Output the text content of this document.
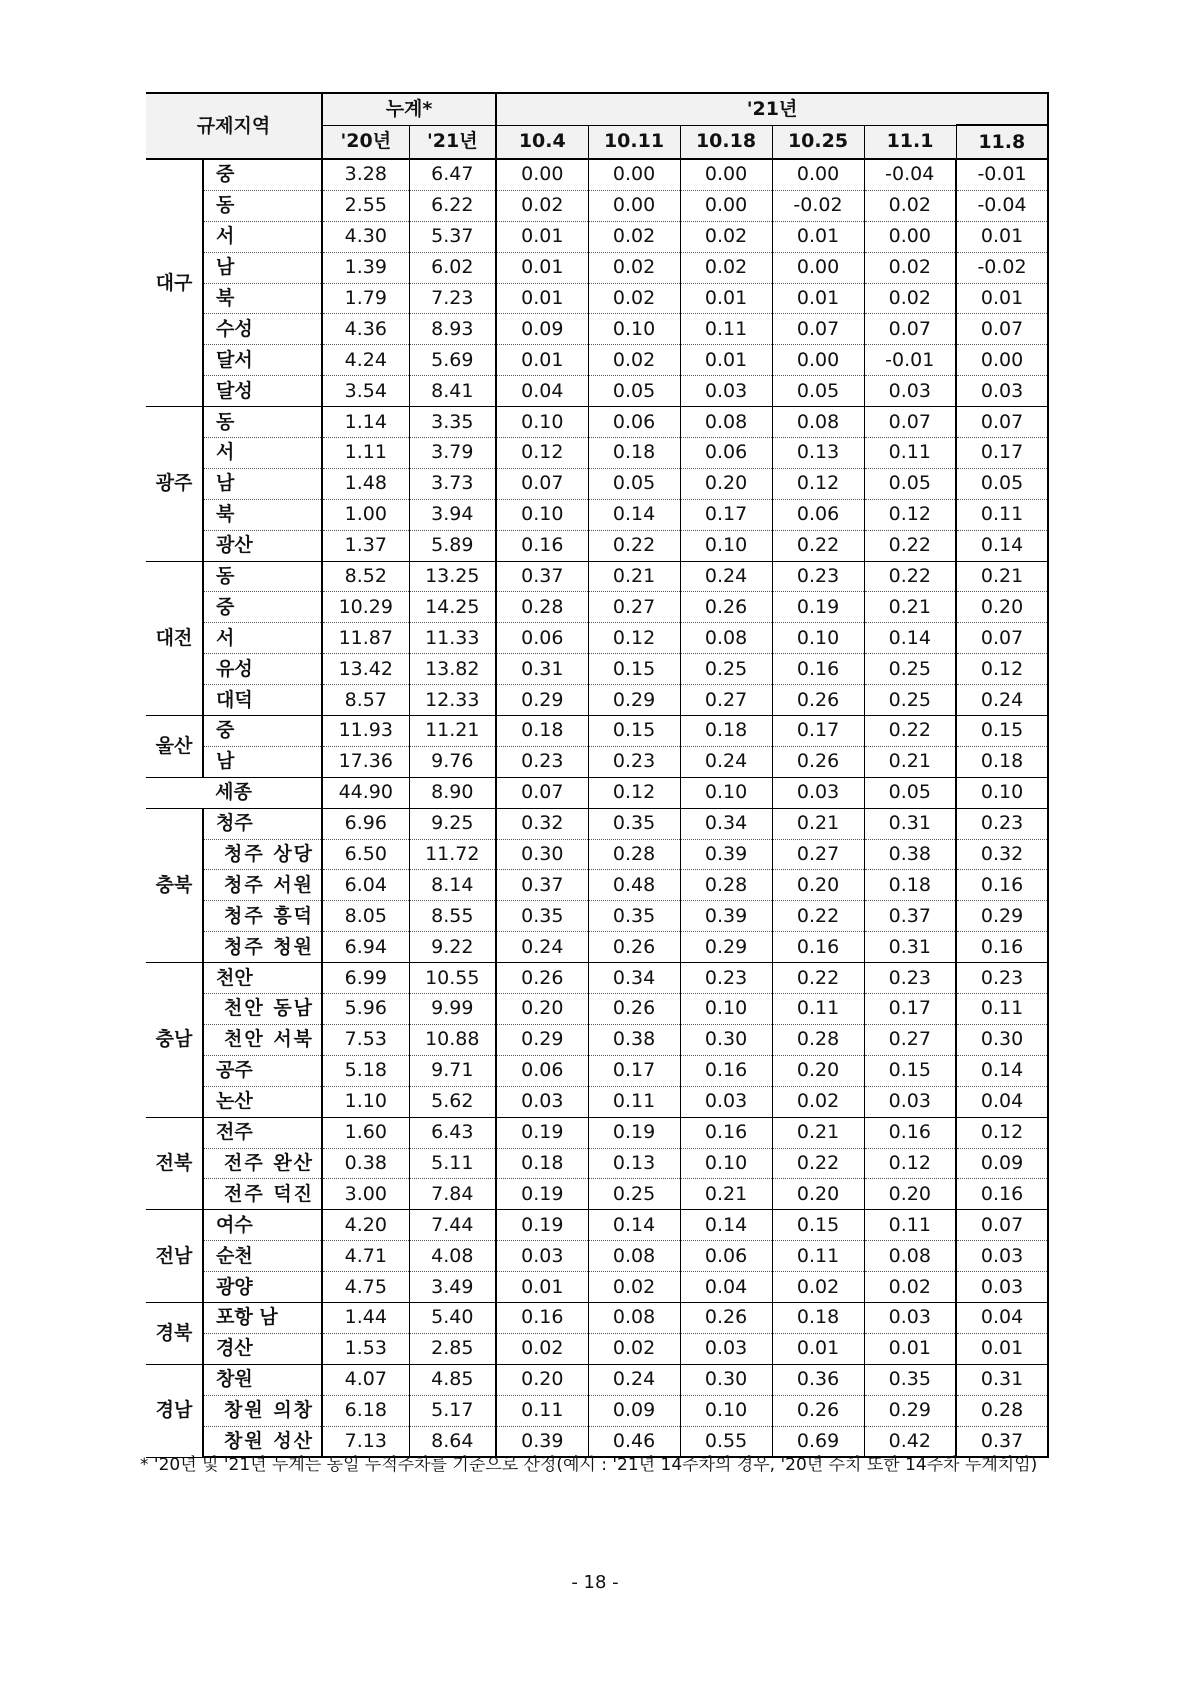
규제지역		누계*		'21년					
		'20년	'21년	10.4	10.11	10.18	10.25	11.1	11.8
대구	중	3.28	6.47	0.00	0.00	0.00	0.00	-0.04	-0.01
	동	2.55	6.22	0.02	0.00	0.00	-0.02	0.02	-0.04
	서	4.30	5.37	0.01	0.02	0.02	0.01	0.00	0.01
	남	1.39	6.02	0.01	0.02	0.02	0.00	0.02	-0.02
	북	1.79	7.23	0.01	0.02	0.01	0.01	0.02	0.01
	수성	4.36	8.93	0.09	0.10	0.11	0.07	0.07	0.07
	달서	4.24	5.69	0.01	0.02	0.01	0.00	-0.01	0.00
	달성	3.54	8.41	0.04	0.05	0.03	0.05	0.03	0.03
광주	동	1.14	3.35	0.10	0.06	0.08	0.08	0.07	0.07
	서	1.11	3.79	0.12	0.18	0.06	0.13	0.11	0.17
	남	1.48	3.73	0.07	0.05	0.20	0.12	0.05	0.05
	북	1.00	3.94	0.10	0.14	0.17	0.06	0.12	0.11
	광산	1.37	5.89	0.16	0.22	0.10	0.22	0.22	0.14
대전	동	8.52	13.25	0.37	0.21	0.24	0.23	0.22	0.21
	중	10.29	14.25	0.28	0.27	0.26	0.19	0.21	0.20
	서	11.87	11.33	0.06	0.12	0.08	0.10	0.14	0.07
	유성	13.42	13.82	0.31	0.15	0.25	0.16	0.25	0.12
	대덕	8.57	12.33	0.29	0.29	0.27	0.26	0.25	0.24
울산	중	11.93	11.21	0.18	0.15	0.18	0.17	0.22	0.15
	남	17.36	9.76	0.23	0.23	0.24	0.26	0.21	0.18
세종		44.90	8.90	0.07	0.12	0.10	0.03	0.05	0.10
충북	청주	6.96	9.25	0.32	0.35	0.34	0.21	0.31	0.23
	청주 상당	6.50	11.72	0.30	0.28	0.39	0.27	0.38	0.32
	청주 서원	6.04	8.14	0.37	0.48	0.28	0.20	0.18	0.16
	청주 흥덕	8.05	8.55	0.35	0.35	0.39	0.22	0.37	0.29
	청주 청원	6.94	9.22	0.24	0.26	0.29	0.16	0.31	0.16
충남	천안	6.99	10.55	0.26	0.34	0.23	0.22	0.23	0.23
	천안 동남	5.96	9.99	0.20	0.26	0.10	0.11	0.17	0.11
	천안 서북	7.53	10.88	0.29	0.38	0.30	0.28	0.27	0.30
	공주	5.18	9.71	0.06	0.17	0.16	0.20	0.15	0.14
	논산	1.10	5.62	0.03	0.11	0.03	0.02	0.03	0.04
전북	전주	1.60	6.43	0.19	0.19	0.16	0.21	0.16	0.12
	전주 완산	0.38	5.11	0.18	0.13	0.10	0.22	0.12	0.09
	전주 덕진	3.00	7.84	0.19	0.25	0.21	0.20	0.20	0.16
전남	여수	4.20	7.44	0.19	0.14	0.14	0.15	0.11	0.07
	순천	4.71	4.08	0.03	0.08	0.06	0.11	0.08	0.03
	광양	4.75	3.49	0.01	0.02	0.04	0.02	0.02	0.03
경북	포항 남	1.44	5.40	0.16	0.08	0.26	0.18	0.03	0.04
	경산	1.53	2.85	0.02	0.02	0.03	0.01	0.01	0.01
경남	창원	4.07	4.85	0.20	0.24	0.30	0.36	0.35	0.31
	창원 의창	6.18	5.17	0.11	0.09	0.10	0.26	0.29	0.28
	창원 성산	7.13	8.64	0.39	0.46	0.55	0.69	0.42	0.37
* '20년 및 '21년 누계는 동일 누적주차를 기준으로 산정(예시 : '21년 14주차의 경우, '20년 수치 또한 14주차 누계치임)
- 18 -
